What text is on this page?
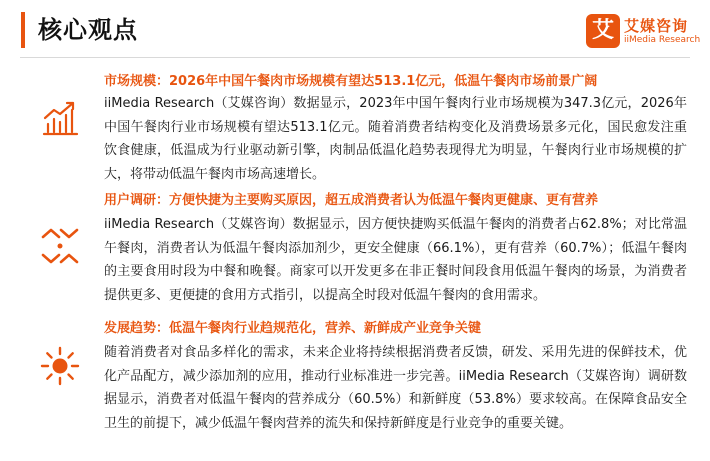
核心观点	艾 艾媒咨询
iiMedia Research
市场规模：2026年中国午餐肉市场规模有望达513.1亿元，低温午餐肉市场前景广阔
iiMedia Research（艾媒咨询）数据显示，2023年中国午餐肉行业市场规模为347.3亿元，2026年中国午餐肉行业市场规模有望达513.1亿元。随着消费者结构变化及消费场景多元化，国民愈发注重饮食健康，低温成为行业驱动新引擎，肉制品低温化趋势表现得尤为明显，午餐肉行业市场规模的扩大，将带动低温午餐肉市场高速增长。
用户调研：方便快捷为主要购买原因，超五成消费者认为低温午餐肉更健康、更有营养
iiMedia Research（艾媒咨询）数据显示，因方便快捷购买低温午餐肉的消费者占62.8%；对比常温午餐肉，消费者认为低温午餐肉添加剂少，更安全健康（66.1%），更有营养（60.7%）；低温午餐肉的主要食用时段为中餐和晚餐。商家可以开发更多在非正餐时间段食用低温午餐肉的场景，为消费者提供更多、更便捷的食用方式指引，以提高全时段对低温午餐肉的食用需求。
发展趋势：低温午餐肉行业趋规范化，营养、新鲜成产业竞争关键
随着消费者对食品多样化的需求，未来企业将持续根据消费者反馈，研发、采用先进的保鲜技术，优化产品配方，减少添加剂的应用，推动行业标准进一步完善。iiMedia Research（艾媒咨询）调研数据显示，消费者对低温午餐肉的营养成分（60.5%）和新鲜度（53.8%）要求较高。在保障食品安全卫生的前提下，减少低温午餐肉营养的流失和保持新鲜度是行业竞争的重要关键。
